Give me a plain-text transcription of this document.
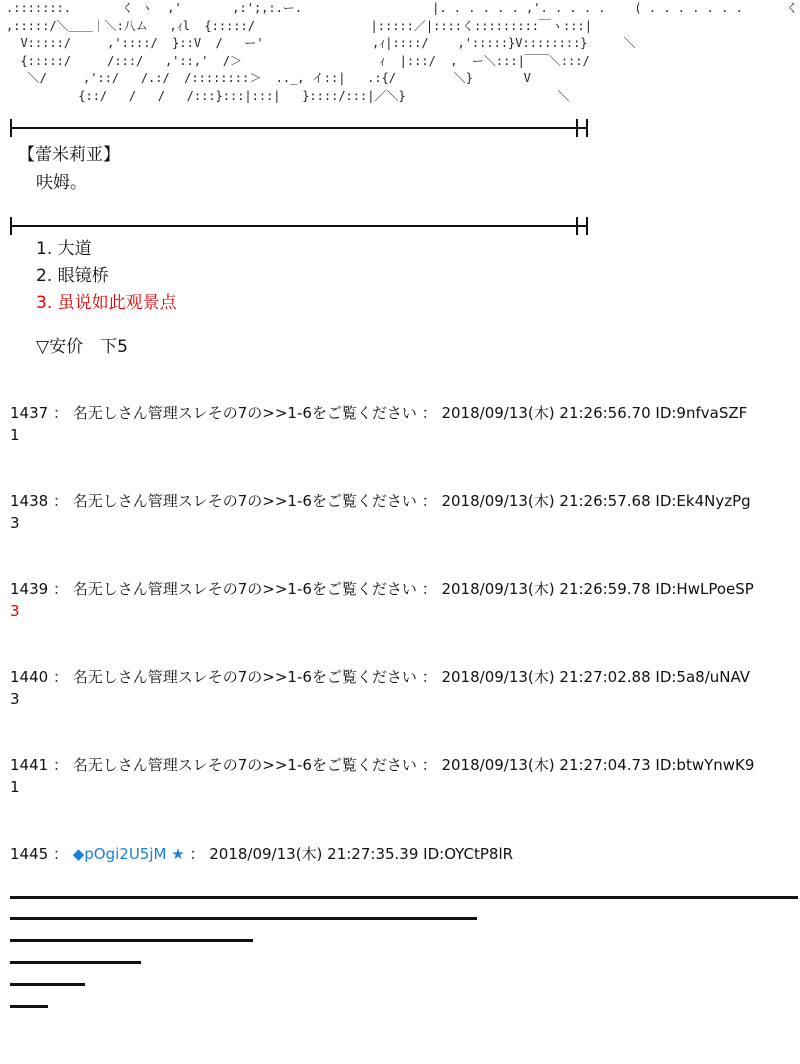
.:::::::.       く ヽ  ,'       ,:';,:.ー.                  |. . . . . . ,'. . . . .    ( . . . . . . .      く
,:::::/＼＿＿｜＼:八ム   ,ｨl  {:::::/                |:::::／|::::く:::::::::￣ヽ:::|
V:::::/     ,'::::/  }::V  /   ー'               ,ｨ|::::/    ,':::::}V::::::::}     ＼
{:::::/     /:::/   ,'::,'  /＞                   ｨ  |:::/  ,  ー＼:::|￣￣＼:::/
＼/     ,'::/   /.:/  /::::::::＞  .._, イ::|   .:{/        ＼}       V
{::/   /   /   /:::}:::|:::|   }::::/:::|／＼}                     ＼
【蕾米莉亚】
呋姆。
1. 大道
2. 眼镜桥
3. 虽说如此观景点
▽安价　下5
1437 ： 名无しさん管理スレその7の>>1-6をご覧ください ： 2018/09/13(木) 21:26:56.70 ID:9nfvaSZF
1
1438 ： 名无しさん管理スレその7の>>1-6をご覧ください ： 2018/09/13(木) 21:26:57.68 ID:Ek4NyzPg
3
1439 ： 名无しさん管理スレその7の>>1-6をご覧ください ： 2018/09/13(木) 21:26:59.78 ID:HwLPoeSP
3
1440 ： 名无しさん管理スレその7の>>1-6をご覧ください ： 2018/09/13(木) 21:27:02.88 ID:5a8/uNAV
3
1441 ： 名无しさん管理スレその7の>>1-6をご覧ください ： 2018/09/13(木) 21:27:04.73 ID:btwYnwK9
1
1445 ： ◆pOgi2U5jM ★ ： 2018/09/13(木) 21:27:35.39 ID:OYCtP8lR
